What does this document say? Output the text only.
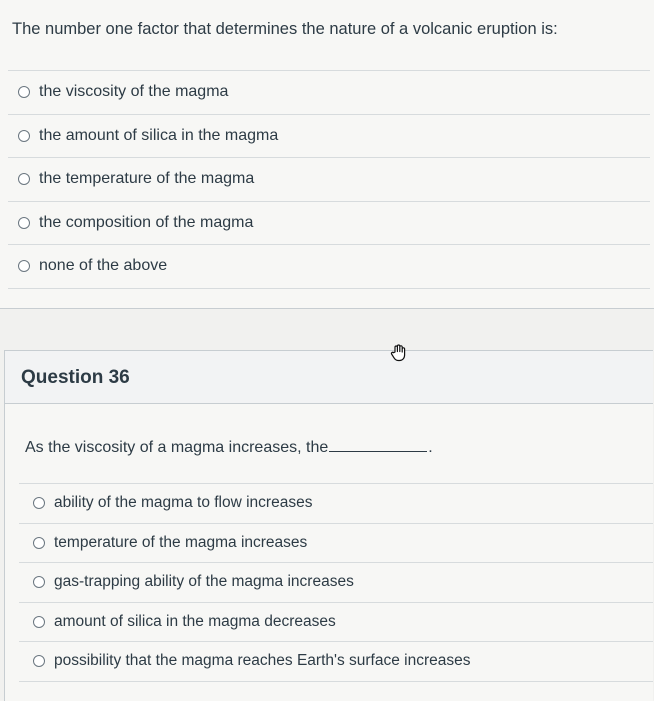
The number one factor that determines the nature of a volcanic eruption is:
the viscosity of the magma
the amount of silica in the magma
the temperature of the magma
the composition of the magma
none of the above
Question 36
As the viscosity of a magma increases, the	.
ability of the magma to flow increases
temperature of the magma increases
gas-trapping ability of the magma increases
amount of silica in the magma decreases
possibility that the magma reaches Earth's surface increases
